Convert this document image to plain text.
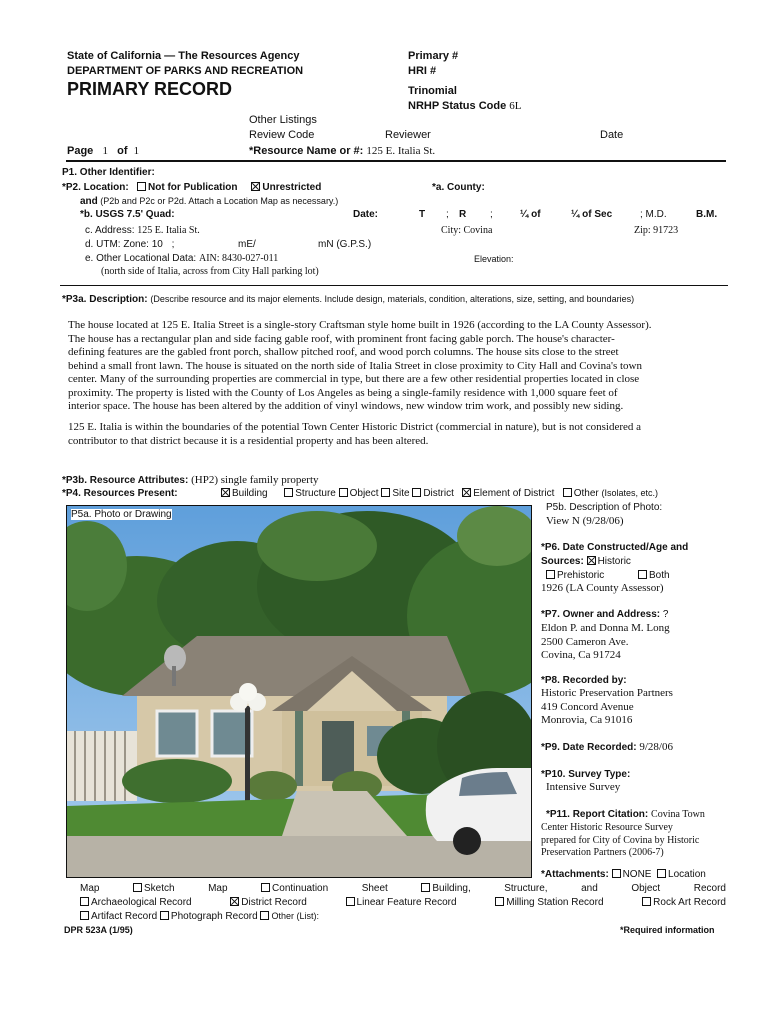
State of California — The Resources Agency
DEPARTMENT OF PARKS AND RECREATION
PRIMARY RECORD
Primary #
HRI #
Trinomial
NRHP Status Code 6L
Other Listings
Review Code	Reviewer	Date
Page 1 of 1	*Resource Name or #: 125 E. Italia St.
P1. Other Identifier:
*P2. Location: Not for Publication Unrestricted	*a. County:
and (P2b and P2c or P2d. Attach a Location Map as necessary.)
*b. USGS 7.5' Quad:	Date:	T ; R ;	¼ of	¼ of Sec	; M.D.	B.M.
c. Address: 125 E. Italia St.	City: Covina	Zip: 91723
d. UTM: Zone: 10 ;	mE/	mN (G.P.S.)
e. Other Locational Data: AIN: 8430-027-011	Elevation:
(north side of Italia, across from City Hall parking lot)
*P3a. Description: (Describe resource and its major elements. Include design, materials, condition, alterations, size, setting, and boundaries)
The house located at 125 E. Italia Street is a single-story Craftsman style home built in 1926 (according to the LA County Assessor).
The house has a rectangular plan and side facing gable roof, with prominent front facing gable porch. The house's character-
defining features are the gabled front porch, shallow pitched roof, and wood porch columns. The house sits close to the street
behind a small front lawn. The house is situated on the north side of Italia Street in close proximity to City Hall and Covina's town
center. Many of the surrounding properties are commercial in type, but there are a few other residential properties located in close
proximity. The property is listed with the County of Los Angeles as being a single-family residence with 1,000 square feet of
interior space. The house has been altered by the addition of vinyl windows, new window trim work, and possibly new siding.
125 E. Italia is within the boundaries of the potential Town Center Historic District (commercial in nature), but is not considered a
contributor to that district because it is a residential property and has been altered.
*P3b. Resource Attributes: (HP2) single family property
*P4. Resources Present:	Building	Structure Object Site District Element of District Other (Isolates, etc.)
P5a. Photo or Drawing
P5b. Description of Photo:
View N (9/28/06)
*P6. Date Constructed/Age and
Sources: Historic
Prehistoric	Both
1926 (LA County Assessor)
*P7. Owner and Address: ?
Eldon P. and Donna M. Long
2500 Cameron Ave.
Covina, Ca 91724
*P8. Recorded by:
Historic Preservation Partners
419 Concord Avenue
Monrovia, Ca 91016
*P9. Date Recorded: 9/28/06
*P10. Survey Type:
Intensive Survey
*P11. Report Citation: Covina Town
Center Historic Resource Survey
prepared for City of Covina by Historic
Preservation Partners (2006-7)
*Attachments: NONE Location
Map	Sketch	Map	Continuation	Sheet	Building,	Structure,	and	Object	Record
Archaeological Record	District Record	Linear Feature Record	Milling Station Record	Rock Art Record
Artifact Record Photograph Record Other (List):
DPR 523A (1/95)	*Required information
